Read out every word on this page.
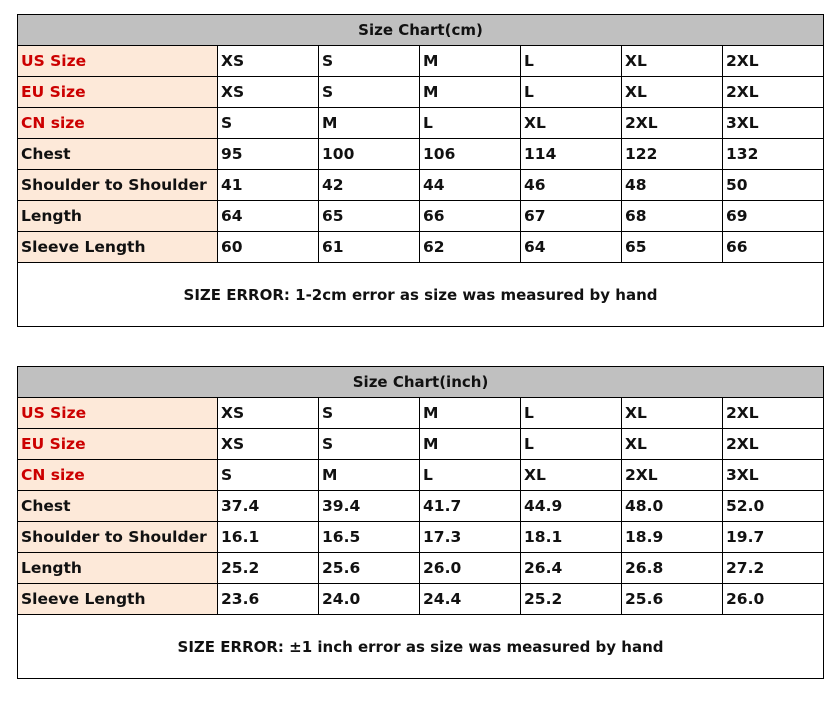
Size Chart(cm)						
US Size	XS	S	M	L	XL	2XL
EU Size	XS	S	M	L	XL	2XL
CN size	S	M	L	XL	2XL	3XL
Chest	95	100	106	114	122	132
Shoulder to Shoulder	41	42	44	46	48	50
Length	64	65	66	67	68	69
Sleeve Length	60	61	62	64	65	66
SIZE ERROR: 1-2cm error as size was measured by hand						
Size Chart(inch)						
US Size	XS	S	M	L	XL	2XL
EU Size	XS	S	M	L	XL	2XL
CN size	S	M	L	XL	2XL	3XL
Chest	37.4	39.4	41.7	44.9	48.0	52.0
Shoulder to Shoulder	16.1	16.5	17.3	18.1	18.9	19.7
Length	25.2	25.6	26.0	26.4	26.8	27.2
Sleeve Length	23.6	24.0	24.4	25.2	25.6	26.0
SIZE ERROR: ±1 inch error as size was measured by hand						
